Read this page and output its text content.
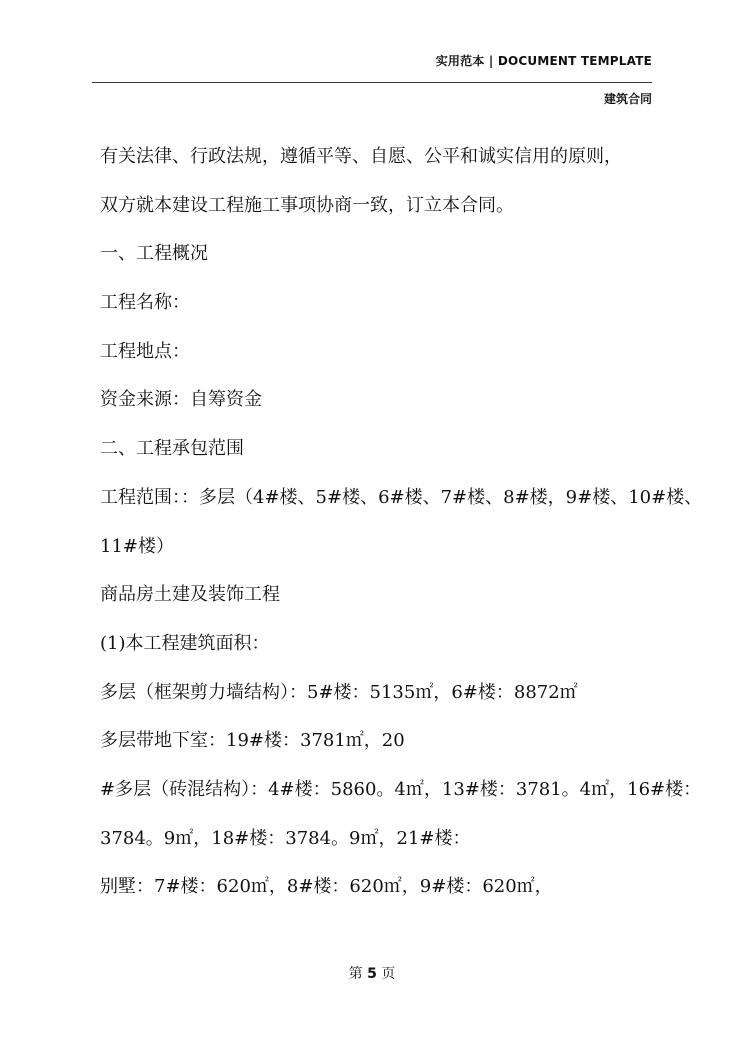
实用范本 | DOCUMENT TEMPLATE
建筑合同
有关法律、行政法规，遵循平等、自愿、公平和诚实信用的原则，
双方就本建设工程施工事项协商一致，订立本合同。
一、工程概况
工程名称：
工程地点：
资金来源：自筹资金
二、工程承包范围
工程范围：：多层（4#楼、5#楼、6#楼、7#楼、8#楼，9#楼、10#楼、
11#楼）
商品房土建及装饰工程
(1)本工程建筑面积：
多层（框架剪力墙结构）：5#楼：5135㎡，6#楼：8872㎡
多层带地下室：19#楼：3781㎡，20
#多层（砖混结构）：4#楼：5860。4㎡，13#楼：3781。4㎡，16#楼：
3784。9㎡，18#楼：3784。9㎡，21#楼：
别墅：7#楼：620㎡，8#楼：620㎡，9#楼：620㎡，
第 5 页
